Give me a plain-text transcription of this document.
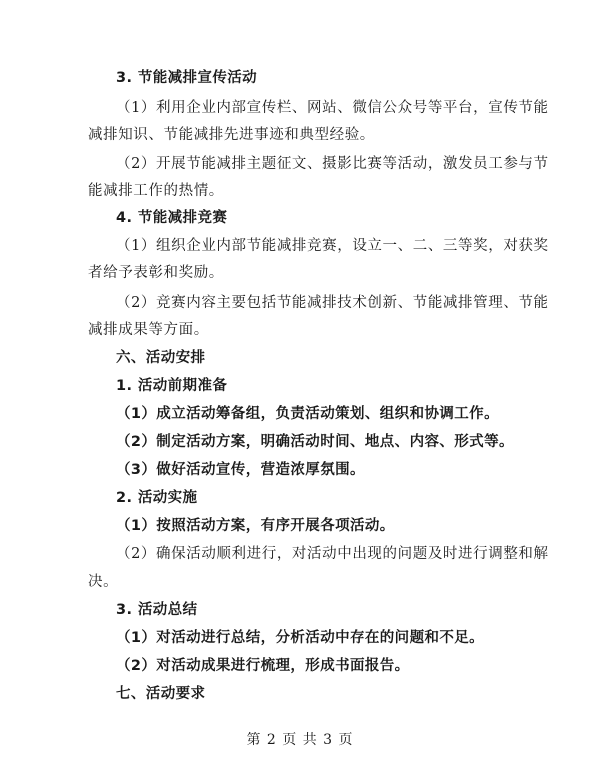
3. 节能减排宣传活动
（1）利用企业内部宣传栏、网站、微信公众号等平台，宣传节能
减排知识、节能减排先进事迹和典型经验。
（2）开展节能减排主题征文、摄影比赛等活动，激发员工参与节
能减排工作的热情。
4. 节能减排竞赛
（1）组织企业内部节能减排竞赛，设立一、二、三等奖，对获奖
者给予表彰和奖励。
（2）竞赛内容主要包括节能减排技术创新、节能减排管理、节能
减排成果等方面。
六、活动安排
1. 活动前期准备
（1）成立活动筹备组，负责活动策划、组织和协调工作。
（2）制定活动方案，明确活动时间、地点、内容、形式等。
（3）做好活动宣传，营造浓厚氛围。
2. 活动实施
（1）按照活动方案，有序开展各项活动。
（2）确保活动顺利进行，对活动中出现的问题及时进行调整和解
决。
3. 活动总结
（1）对活动进行总结，分析活动中存在的问题和不足。
（2）对活动成果进行梳理，形成书面报告。
七、活动要求
第 2 页 共 3 页
